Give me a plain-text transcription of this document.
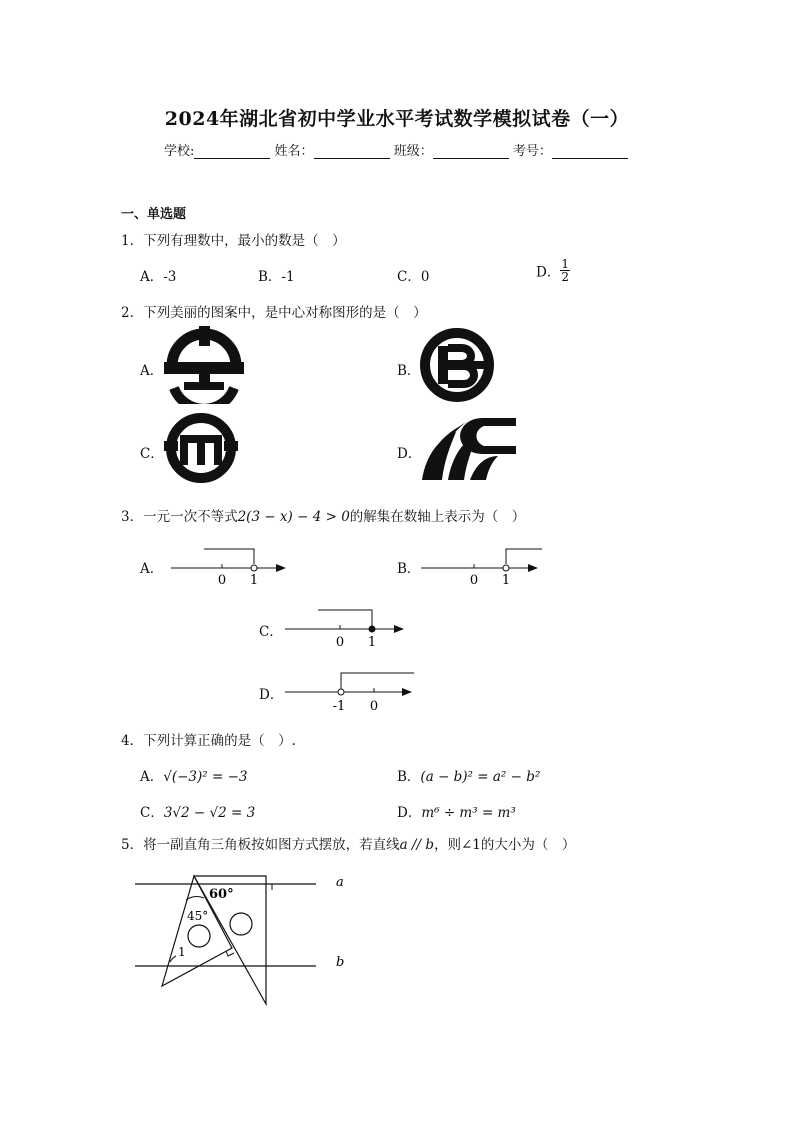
2024年湖北省初中学业水平考试数学模拟试卷（一）
学校:	姓名：	班级：	考号：
一、单选题
1．下列有理数中，最小的数是（　）
A．-3	B．-1	C．0	D． $\frac{1}{2}$
2．下列美丽的图案中，是中心对称图形的是（　）
A．	B．
C．	D．
3．一元一次不等式2(3 − x) − 4 > 0的解集在数轴上表示为（　）
A．	B．
C．
D．
0 1	0 1
0 1
-1 0
4．下列计算正确的是（　）.
A．√(−3)² = −3	B．(a − b)² = a² − b²
C．3√2 − √2 = 3	D．m⁶ ÷ m³ = m³
5．将一副直角三角板按如图方式摆放，若直线a // b，则∠1的大小为（　）
60°
45°
1
a
b
